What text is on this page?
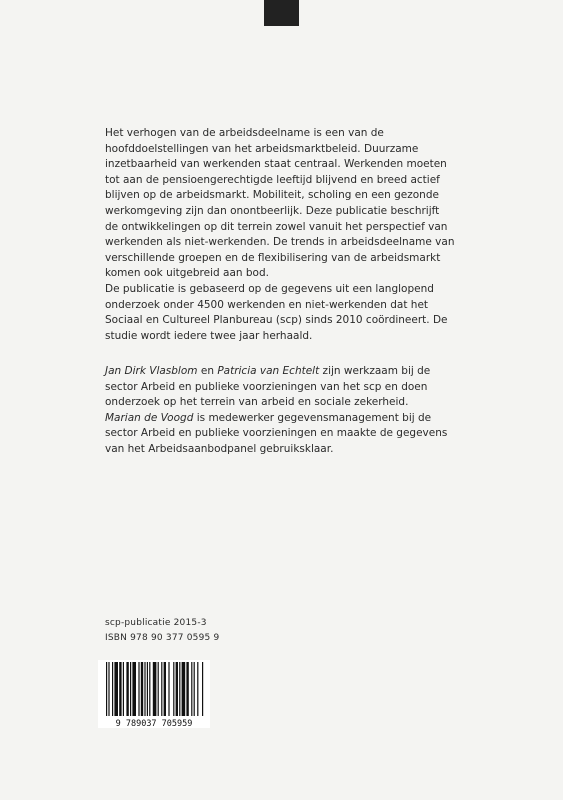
Het verhogen van de arbeidsdeelname is een van de hoofddoelstellingen van het arbeidsmarktbeleid. Duurzame inzetbaarheid van werkenden staat centraal. Werkenden moeten tot aan de pensioengerechtigde leeftijd blijvend en breed actief blijven op de arbeidsmarkt. Mobiliteit, scholing en een gezonde werkomgeving zijn dan onontbeerlijk. Deze publicatie beschrijft de ontwikkelingen op dit terrein zowel vanuit het perspectief van werkenden als niet-werkenden. De trends in arbeidsdeelname van verschillende groepen en de flexibilisering van de arbeidsmarkt komen ook uitgebreid aan bod.

De publicatie is gebaseerd op de gegevens uit een langlopend onderzoek onder 4500 werkenden en niet-werkenden dat het Sociaal en Cultureel Planbureau (scp) sinds 2010 coördineert. De studie wordt iedere twee jaar herhaald.

Jan Dirk Vlasblom en Patricia van Echtelt zijn werkzaam bij de sector Arbeid en publieke voorzieningen van het scp en doen onderzoek op het terrein van arbeid en sociale zekerheid.

Marian de Voogd is medewerker gegevensmanagement bij de sector Arbeid en publieke voorzieningen en maakte de gegevens van het Arbeidsaanbodpanel gebruiksklaar.

scp-publicatie 2015-3
ISBN 978 90 377 0595 9
9 789037 705959
